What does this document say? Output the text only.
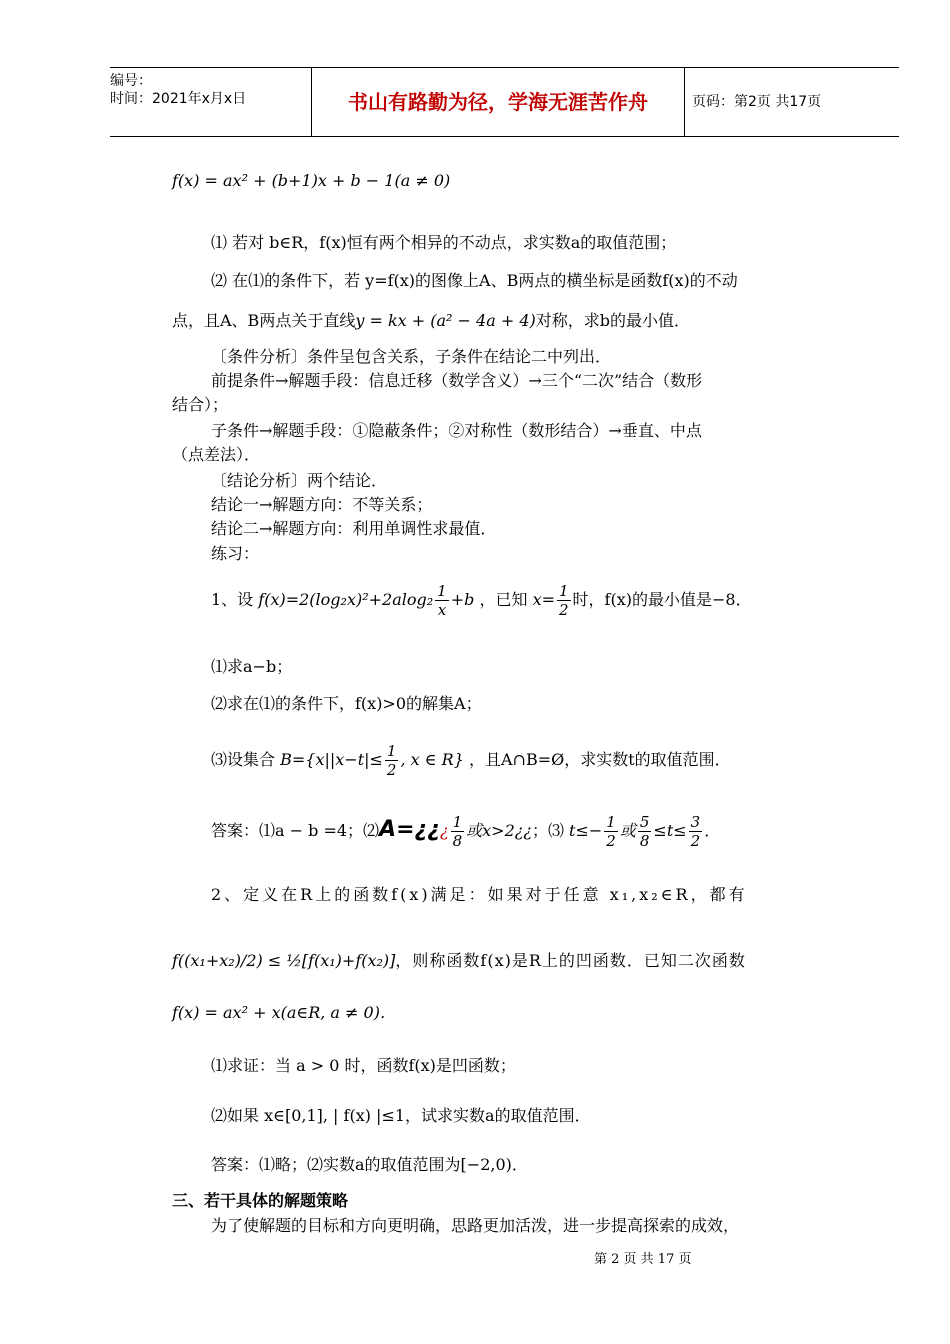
编号：
时间：2021年x月x日	书山有路勤为径，学海无涯苦作舟	页码：第2页 共17页
f(x) = ax² + (b+1)x + b − 1(a ≠ 0)
⑴ 若对 b∈R，f(x)恒有两个相异的不动点，求实数a的取值范围；
⑵ 在⑴的条件下，若 y=f(x)的图像上A、B两点的横坐标是函数f(x)的不动
点，且A、B两点关于直线y = kx + (a² − 4a + 4)对称，求b的最小值．
〔条件分析〕条件呈包含关系，子条件在结论二中列出．
前提条件→解题手段：信息迁移（数学含义）→三个“二次”结合（数形
结合）；
子条件→解题手段：①隐蔽条件；②对称性（数形结合）→垂直、中点
（点差法）．
〔结论分析〕两个结论．
结论一→解题方向：不等关系；
结论二→解题方向：利用单调性求最值．
练习：
1、设 $f(x)=2(\log_2x)^2+2alog_2 \frac{1}{x} +b$ ，已知 $x= \frac{1}{2}$ 时，f(x)的最小值是−8．
⑴求a−b；
⑵求在⑴的条件下，f(x)>0的解集A；
⑶设集合 $B=\{x||x-t|\le \frac{1}{2}$ , x ∈ R} ，且A∩B=Ø，求实数t的取值范围．
答案：⑴a − b =4；⑵A=¿¿¿ $\frac{1}{8}$ 或x>2¿¿；⑶ $t\le- \frac{1}{2}$ 或 $\frac{5}{8} \le t\le \frac{3}{2}$ ．
2、定义在R上的函数f(x)满足：如果对于任意 x₁,x₂∈R，都有
f((x₁+x₂)/2) ≤ ½[f(x₁)+f(x₂)]，则称函数f(x)是R上的凹函数．已知二次函数
f(x) = ax² + x(a∈R, a ≠ 0)．
⑴求证：当 a > 0 时，函数f(x)是凹函数；
⑵如果 x∈[0,1], | f(x) |≤1，试求实数a的取值范围．
答案：⑴略；⑵实数a的取值范围为[−2,0)．
三、若干具体的解题策略
为了使解题的目标和方向更明确，思路更加活泼，进一步提高探索的成效，
第 2 页 共 17 页
